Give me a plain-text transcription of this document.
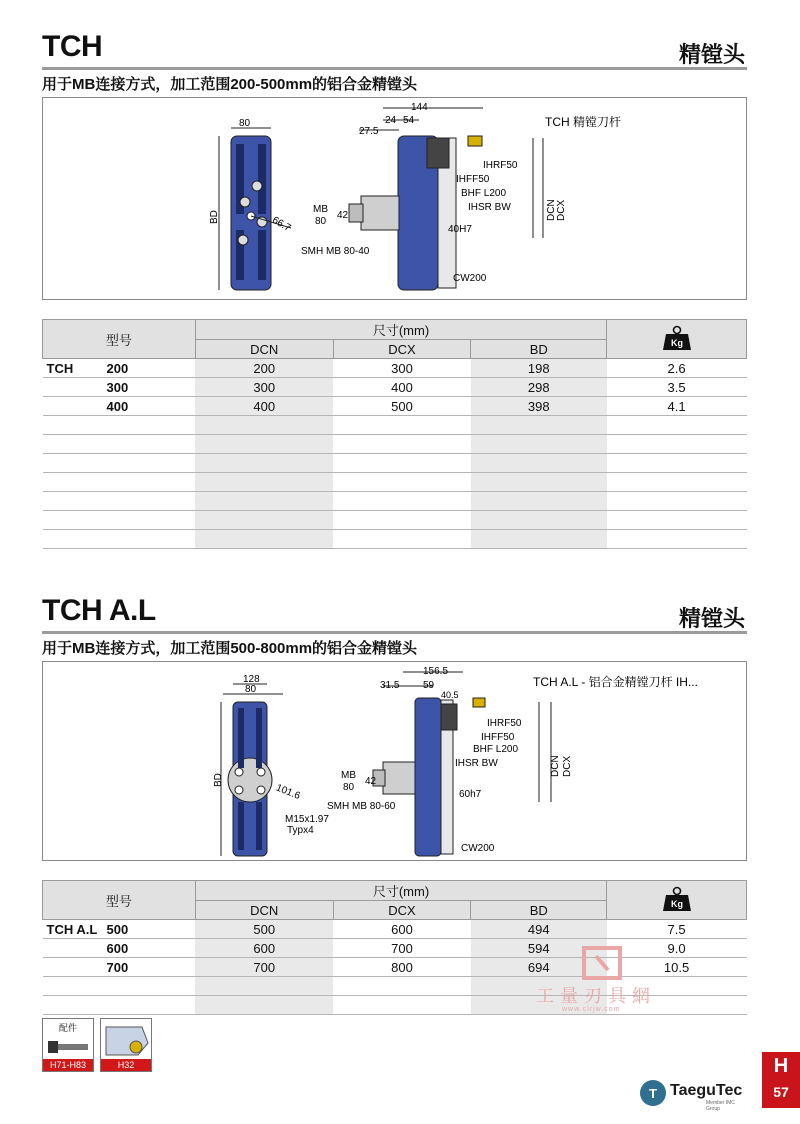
TCH	精镗头
用于MB连接方式，加工范围200-500mm的铝合金精镗头
80
BD	66.7
144
27.5
24 54
MB
80
42
SMH MB 80-40
IHRF50
IHFF50
BHF L200
IHSR BW
40H7
CW200
DCN DCX
TCH 精镗刀杆
型号	尺寸(mm)			Kg

	DCN	DCX	BD	
TCH 200	200	300	198	2.6
300	300	400	298	3.5
400	400	500	398	4.1

TCH A.L	精镗头
用于MB连接方式，加工范围500-800mm的铝合金精镗头
128
80
BD
101.6
M15x1.97
Typx4
156.5
31.5 59
40.5
MB
80
42
SMH MB 80-60
IHRF50
IHFF50
BHF L200
IHSR BW
60h7
CW200
DCN DCX
TCH A.L - 铝合金精镗刀杆 IH...
型号	尺寸(mm)			Kg

	DCN	DCX	BD	
TCH A.L 500	500	600	494	7.5
600	600	700	594	9.0
700	700	800	694	10.5

工量刃具網
www.clrjw.com
配件
H71-H83	H32
T TaeguTec
Member IMC Group
H
57
